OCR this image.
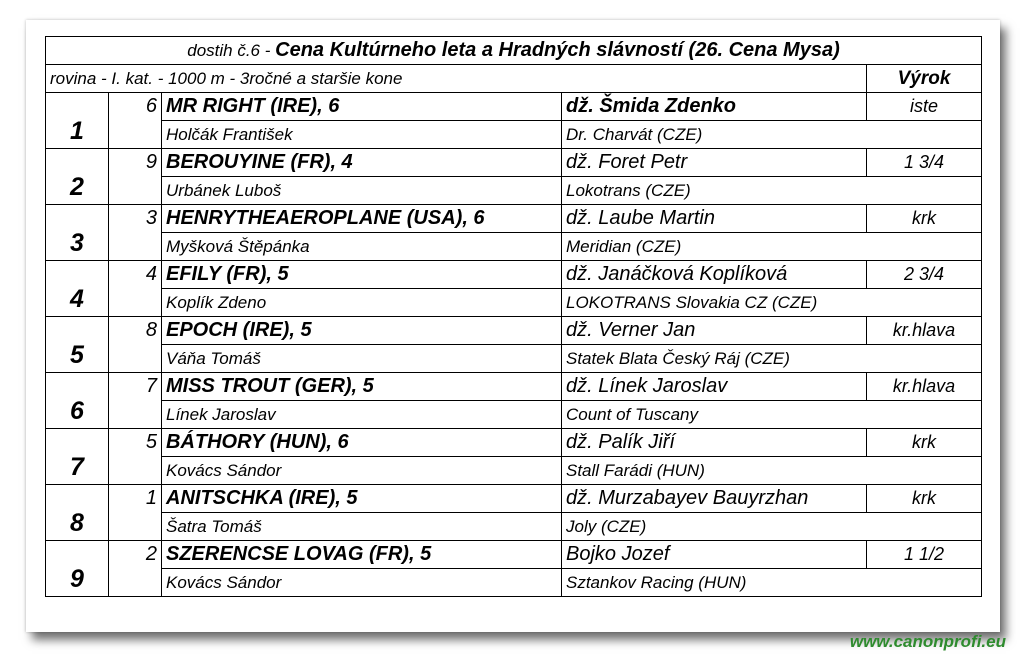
dostih č.6 - Cena Kultúrneho leta a Hradných slávností (26. Cena Mysa)				
rovina - I. kat. - 1000 m - 3ročné a staršie kone				Výrok
1	6	MR RIGHT (IRE), 6	dž. Šmida Zdenko	iste
		Holčák František	Dr. Charvát (CZE)	
2	9	BEROUYINE (FR), 4	dž. Foret Petr	1 3/4
		Urbánek Luboš	Lokotrans (CZE)	
3	3	HENRYTHEAEROPLANE (USA), 6	dž. Laube Martin	krk
		Myšková Štěpánka	Meridian (CZE)	
4	4	EFILY (FR), 5	dž. Janáčková Koplíková	2 3/4
		Koplík Zdeno	LOKOTRANS Slovakia CZ (CZE)	
5	8	EPOCH (IRE), 5	dž. Verner Jan	kr.hlava
		Váňa Tomáš	Statek Blata Český Ráj (CZE)	
6	7	MISS TROUT (GER), 5	dž. Línek Jaroslav	kr.hlava
		Línek Jaroslav	Count of Tuscany	
7	5	BÁTHORY (HUN), 6	dž. Palík Jiří	krk
		Kovács Sándor	Stall Farádi (HUN)	
8	1	ANITSCHKA (IRE), 5	dž. Murzabayev Bauyrzhan	krk
		Šatra Tomáš	Joly (CZE)	
9	2	SZERENCSE LOVAG (FR), 5	Bojko Jozef	1 1/2
		Kovács Sándor	Sztankov Racing (HUN)	
www.canonprofi.eu
